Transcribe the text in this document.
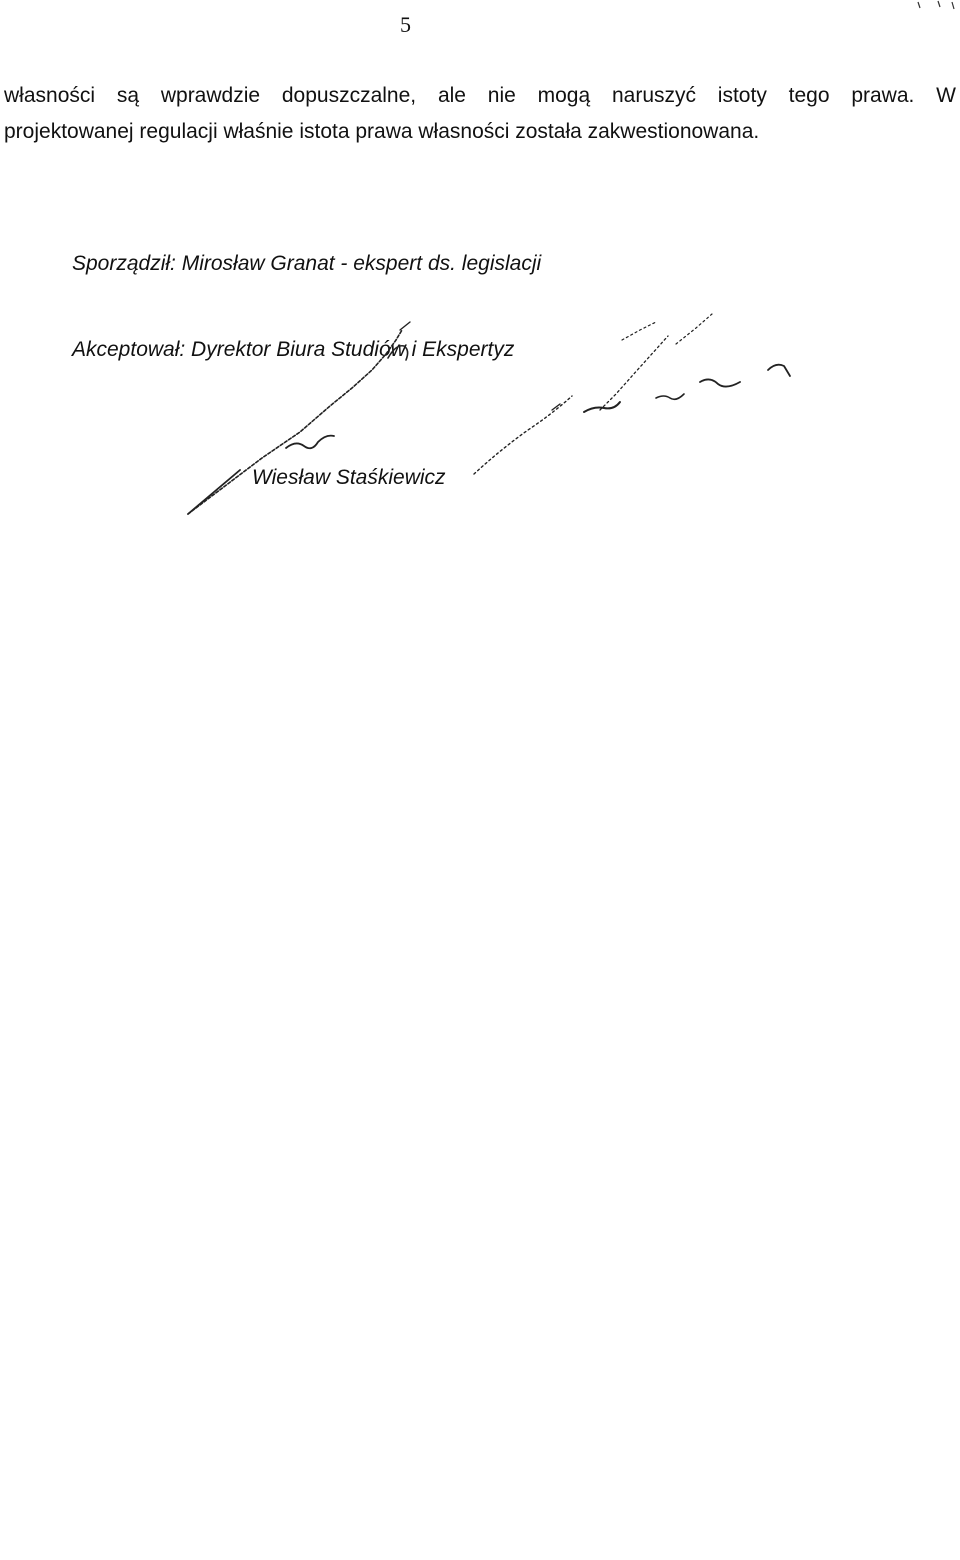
5
własności są wprawdzie dopuszczalne, ale nie mogą naruszyć istoty tego prawa. W
projektowanej regulacji właśnie istota prawa własności została zakwestionowana.
Sporządził: Mirosław Granat - ekspert ds. legislacji
Akceptował: Dyrektor Biura Studiów i Ekspertyz
Wiesław Staśkiewicz
